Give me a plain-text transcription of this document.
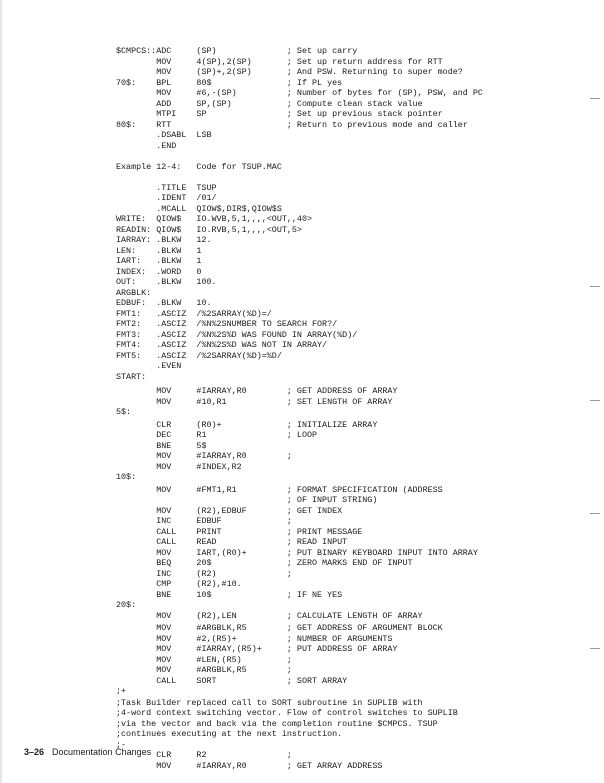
$CMPCS::ADC     (SP)              ; Set up carry
MOV     4(SP),2(SP)       ; Set up return address for RTT
MOV     (SP)+,2(SP)       ; And PSW. Returning to super mode?
70$:    BPL     80$               ; If PL yes
MOV     #6,-(SP)          ; Number of bytes for (SP), PSW, and PC
ADD     SP,(SP)           ; Compute clean stack value
MTPI    SP                ; Set up previous stack pointer
80$:    RTT                       ; Return to previous mode and caller
.DSABL  LSB
.END
Example 12-4:   Code for TSUP.MAC
.TITLE  TSUP
.IDENT  /01/
.MCALL  QIOW$,DIR$,QIOW$S
WRITE:  QIOW$   IO.WVB,5,1,,,,<OUT,,40>
READIN: QIOW$   IO.RVB,5,1,,,,<OUT,5>
IARRAY: .BLKW   12.
LEN:    .BLKW   1
IART:   .BLKW   1
INDEX:  .WORD   0
OUT:    .BLKW   100.
ARGBLK:
EDBUF:  .BLKW   10.
FMT1:   .ASCIZ  /%2SARRAY(%D)=/
FMT2:   .ASCIZ  /%N%2SNUMBER TO SEARCH FOR?/
FMT3:   .ASCIZ  /%N%2S%D WAS FOUND IN ARRAY(%D)/
FMT4:   .ASCIZ  /%N%2S%D WAS NOT IN ARRAY/
FMT5:   .ASCIZ  /%2SARRAY(%D)=%D/
.EVEN
START:
MOV     #IARRAY,R0        ; GET ADDRESS OF ARRAY
MOV     #10,R1            ; SET LENGTH OF ARRAY
5$:
CLR     (R0)+             ; INITIALIZE ARRAY
DEC     R1                ; LOOP
BNE     5$
MOV     #IARRAY,R0        ;
MOV     #INDEX,R2
10$:
MOV     #FMT1,R1          ; FORMAT SPECIFICATION (ADDRESS
; OF INPUT STRING)
MOV     (R2),EDBUF        ; GET INDEX
INC     EDBUF             ;
CALL    PRINT             ; PRINT MESSAGE
CALL    READ              ; READ INPUT
MOV     IART,(R0)+        ; PUT BINARY KEYBOARD INPUT INTO ARRAY
BEQ     20$               ; ZERO MARKS END OF INPUT
INC     (R2)              ;
CMP     (R2),#10.
BNE     10$               ; IF NE YES
20$:
MOV     (R2),LEN          ; CALCULATE LENGTH OF ARRAY
MOV     #ARGBLK,R5        ; GET ADDRESS OF ARGUMENT BLOCK
MOV     #2,(R5)+          ; NUMBER OF ARGUMENTS
MOV     #IARRAY,(R5)+     ; PUT ADDRESS OF ARRAY
MOV     #LEN,(R5)         ;
MOV     #ARGBLK,R5        ;
CALL    SORT              ; SORT ARRAY
;+
;Task Builder replaced call to SORT subroutine in SUPLIB with
;4-word context switching vector. Flow of control switches to SUPLIB
;via the vector and back via the completion routine $CMPCS. TSUP
;continues executing at the next instruction.
;-
CLR     R2                ;
MOV     #IARRAY,R0        ; GET ARRAY ADDRESS
3–26 Documentation Changes
